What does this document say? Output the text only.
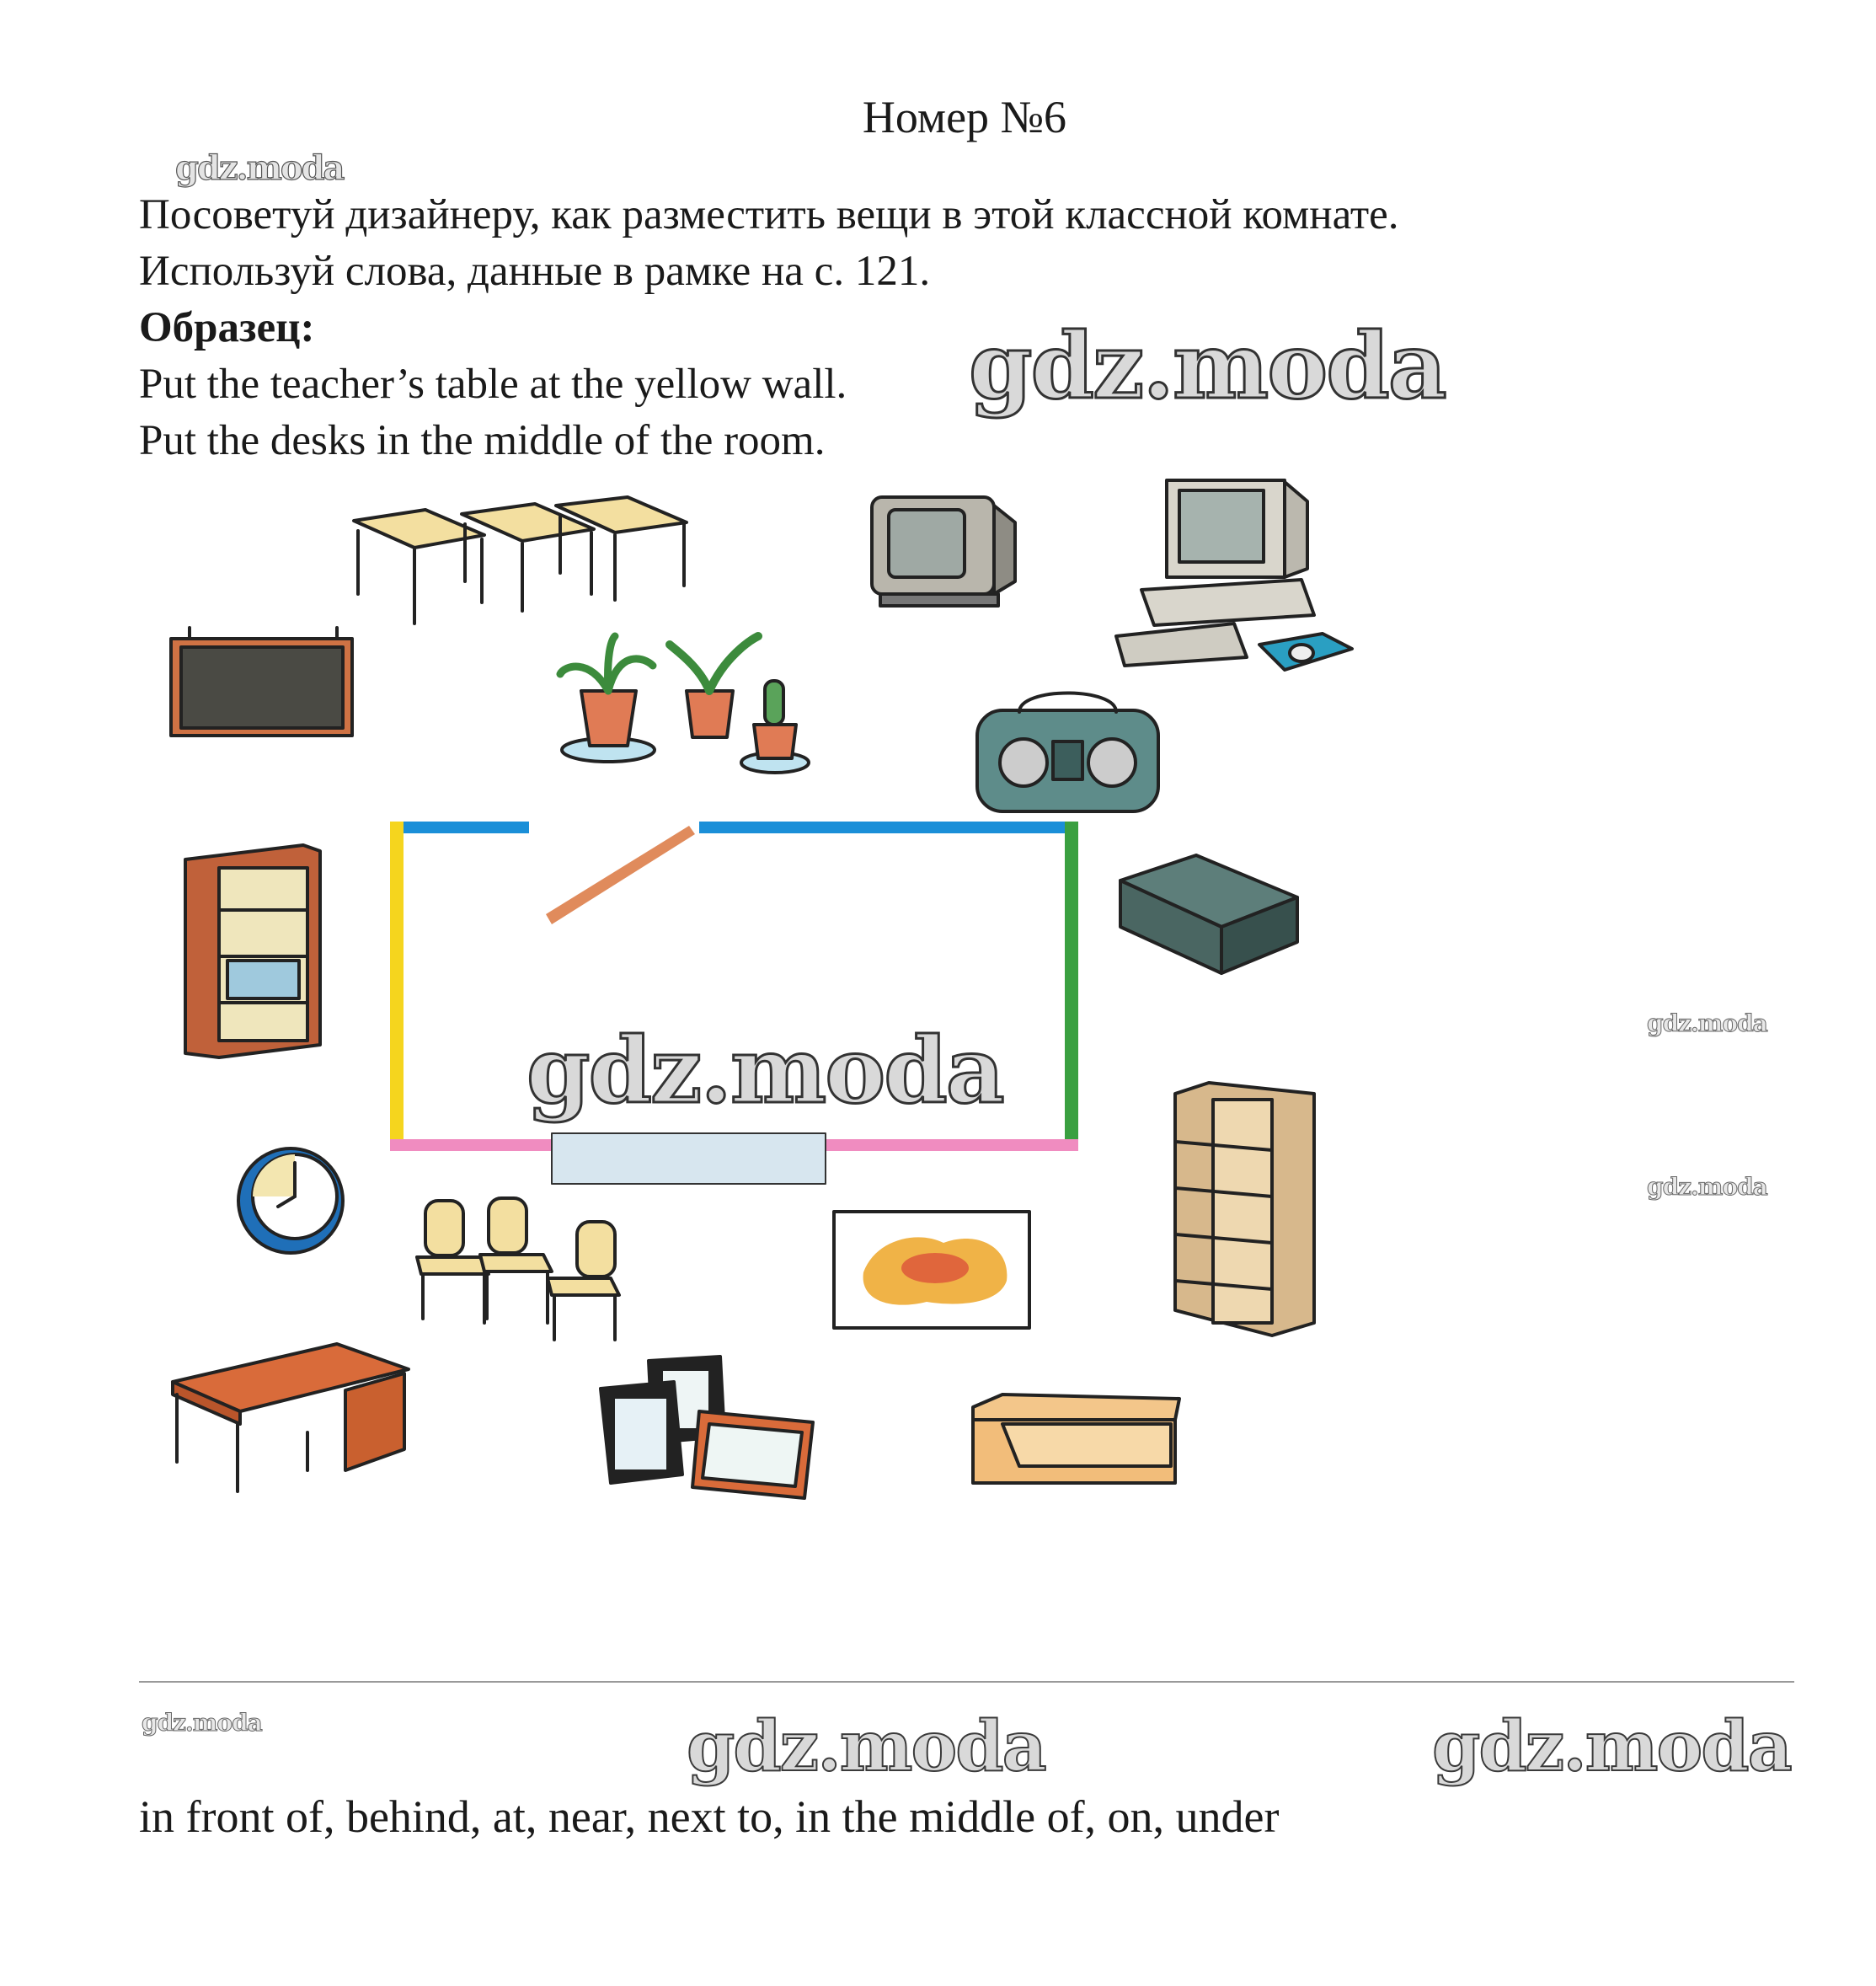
Номер №6
gdz.moda
Посоветуй дизайнеру, как разместить вещи в этой классной комнате.
Используй слова, данные в рамке на с. 121.
Образец:
Put the teacher’s table at the yellow wall.
Put the desks in the middle of the room.
gdz.moda
gdz.moda	gdz.moda
gdz.moda
gdz.moda	gdz.moda	gdz.moda
in front of, behind, at, near, next to, in the middle of, on, under
